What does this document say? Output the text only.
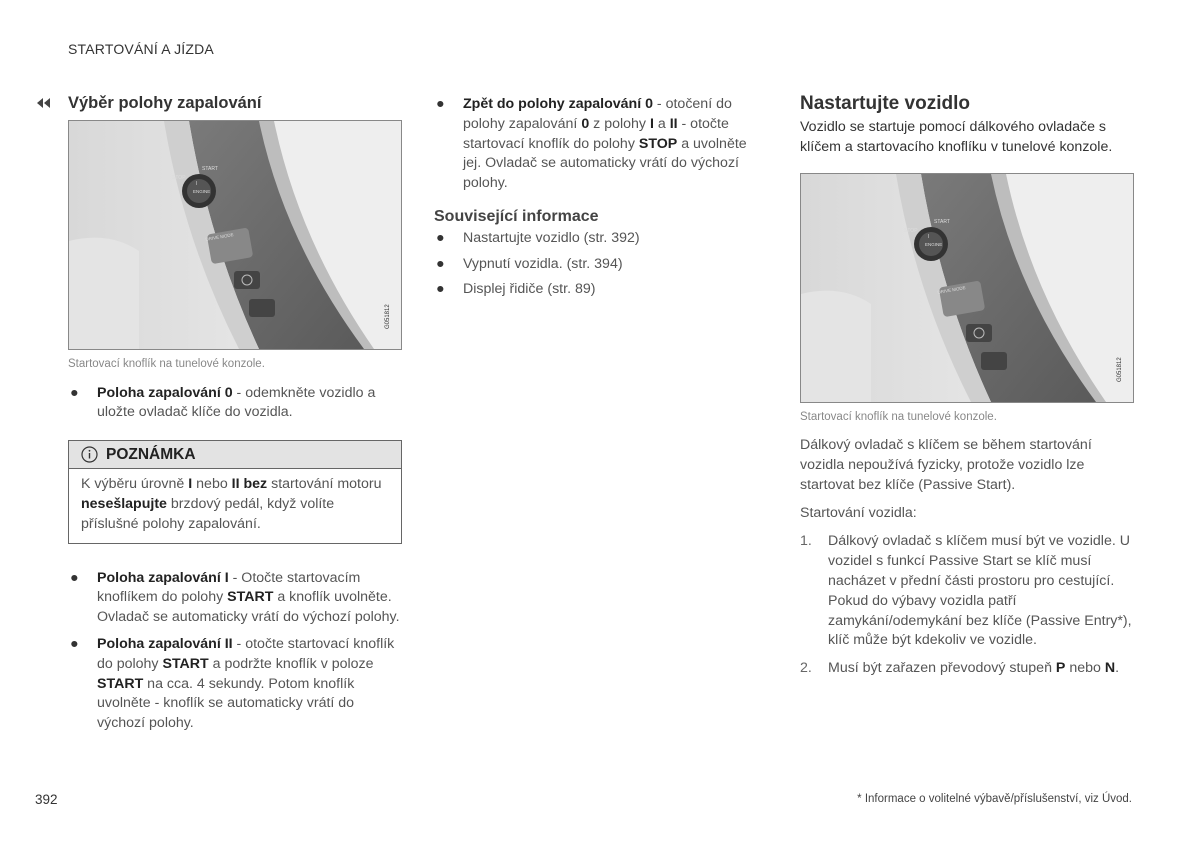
STARTOVÁNÍ A JÍZDA
Výběr polohy zapalování
STOP
START
ENGINE
I
DRIVE MODE
G051812
Startovací knoflík na tunelové konzole.
● Poloha zapalování 0 - odemkněte vozidlo a uložte ovladač klíče do vozidla.
POZNÁMKA
K výběru úrovně I nebo II bez startování motoru nesešlapujte brzdový pedál, když volíte příslušné polohy zapalování.
● Poloha zapalování I - Otočte startovacím knoflíkem do polohy START a knoflík uvolněte. Ovladač se automaticky vrátí do výchozí polohy.
● Poloha zapalování II - otočte startovací knoflík do polohy START a podržte knoflík v poloze START na cca. 4 sekundy. Potom knoflík uvolněte - knoflík se automaticky vrátí do výchozí polohy.
● Zpět do polohy zapalování 0 - otočení do polohy zapalování 0 z polohy I a II - otočte startovací knoflík do polohy STOP a uvolněte jej. Ovladač se automaticky vrátí do výchozí polohy.
Související informace
● Nastartujte vozidlo (str. 392)
● Vypnutí vozidla. (str. 394)
● Displej řidiče (str. 89)
Nastartujte vozidlo
Vozidlo se startuje pomocí dálkového ovladače s klíčem a startovacího knoflíku v tunelové konzole.
STOP
START
ENGINE
I
DRIVE MODE
G051812
Startovací knoflík na tunelové konzole.
Dálkový ovladač s klíčem se během startování vozidla nepoužívá fyzicky, protože vozidlo lze startovat bez klíče (Passive Start).
Startování vozidla:
1. Dálkový ovladač s klíčem musí být ve vozidle. U vozidel s funkcí Passive Start se klíč musí nacházet v přední části prostoru pro cestující. Pokud do výbavy vozidla patří zamykání/odemykání bez klíče (Passive Entry*), klíč může být kdekoliv ve vozidle.
2. Musí být zařazen převodový stupeň P nebo N.
392	* Informace o volitelné výbavě/příslušenství, viz Úvod.
